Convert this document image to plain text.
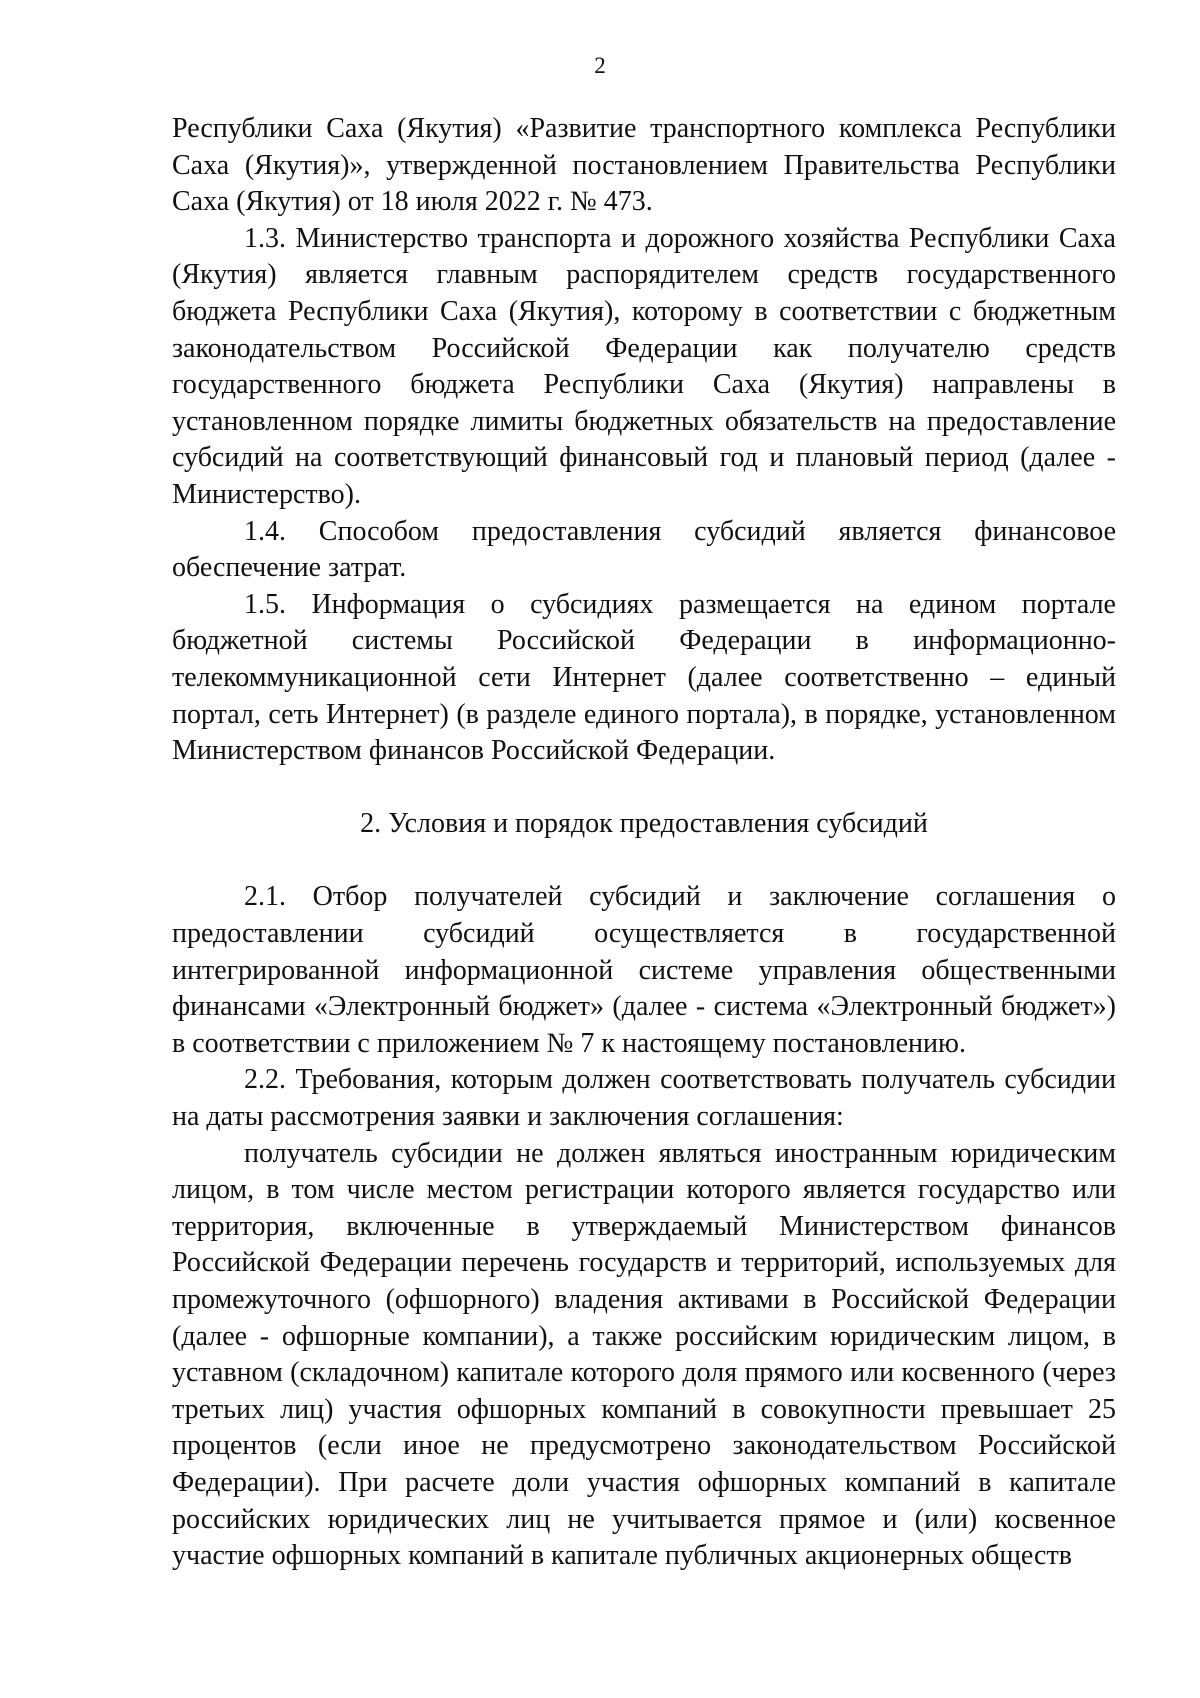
2

Республики Саха (Якутия) «Развитие транспортного комплекса Республики Саха (Якутия)», утвержденной постановлением Правительства Республики Саха (Якутия) от 18 июля 2022 г. № 473.

1.3. Министерство транспорта и дорожного хозяйства Республики Саха (Якутия) является главным распорядителем средств государственного бюджета Республики Саха (Якутия), которому в соответствии с бюджетным законодательством Российской Федерации как получателю средств государственного бюджета Республики Саха (Якутия) направлены в установленном порядке лимиты бюджетных обязательств на предоставление субсидий на соответствующий финансовый год и плановый период (далее - Министерство).

1.4. Способом предоставления субсидий является финансовое обеспечение затрат.

1.5. Информация о субсидиях размещается на едином портале бюджетной системы Российской Федерации в информационно-телекоммуникационной сети Интернет (далее соответственно – единый портал, сеть Интернет) (в разделе единого портала), в порядке, установленном Министерством финансов Российской Федерации.

2. Условия и порядок предоставления субсидий

2.1. Отбор получателей субсидий и заключение соглашения о предоставлении субсидий осуществляется в государственной интегрированной информационной системе управления общественными финансами «Электронный бюджет» (далее - система «Электронный бюджет») в соответствии с приложением № 7 к настоящему постановлению.

2.2. Требования, которым должен соответствовать получатель субсидии на даты рассмотрения заявки и заключения соглашения:

получатель субсидии не должен являться иностранным юридическим лицом, в том числе местом регистрации которого является государство или территория, включенные в утверждаемый Министерством финансов Российской Федерации перечень государств и территорий, используемых для промежуточного (офшорного) владения активами в Российской Федерации (далее - офшорные компании), а также российским юридическим лицом, в уставном (складочном) капитале которого доля прямого или косвенного (через третьих лиц) участия офшорных компаний в совокупности превышает 25 процентов (если иное не предусмотрено законодательством Российской Федерации). При расчете доли участия офшорных компаний в капитале российских юридических лиц не учитывается прямое и (или) косвенное участие офшорных компаний в капитале публичных акционерных обществ
